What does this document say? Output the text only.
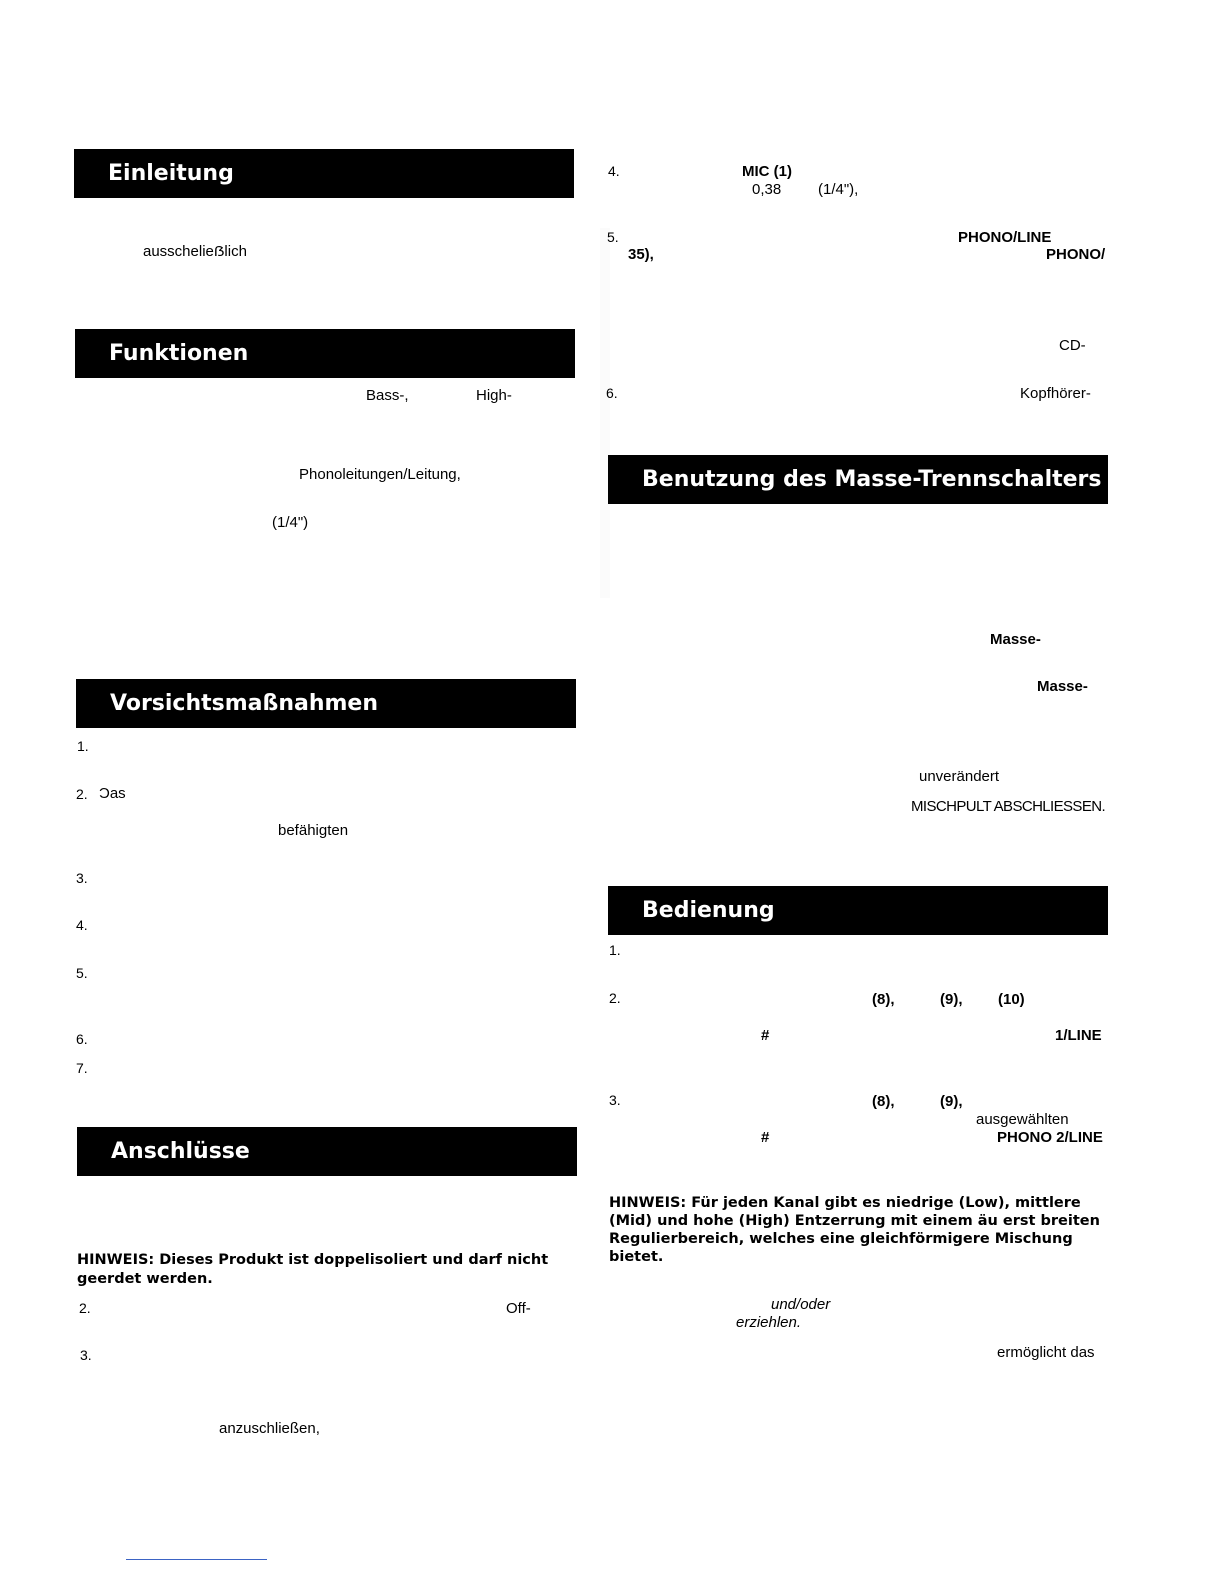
Einleitung
ausschelieẞlich
Funktionen
Bass-,	High-
Phonoleitungen/Leitung,
(1/4")
Vorsichtsmaßnahmen
1.
2. Ɔas
befähigten
3.
4.
5.
6.
7.
Anschlüsse
HINWEIS: Dieses Produkt ist doppelisoliert und darf nicht
geerdet werden.
2.	Off-
3.
anzuschließen,
4.	MIC (1)
0,38 (1/4"),
5.	PHONO/LINE
35),	PHONO/
CD-
6.	Kopfhörer-
Benutzung des Masse-Trennschalters
Masse-
Masse-
unverändert
MISCHPULT ABSCHLIESSEN.
Bedienung
1.
2.	(8),	(9), (10)
#	1/LINE
3.	(8),	(9),
ausgewählten
#	PHONO 2/LINE
HINWEIS: Für jeden Kanal gibt es niedrige (Low), mittlere
(Mid) und hohe (High) Entzerrung mit einem äu erst breiten
Regulierbereich, welches eine gleichförmigere Mischung
bietet.
und/oder
erziehlen.
ermöglicht das
